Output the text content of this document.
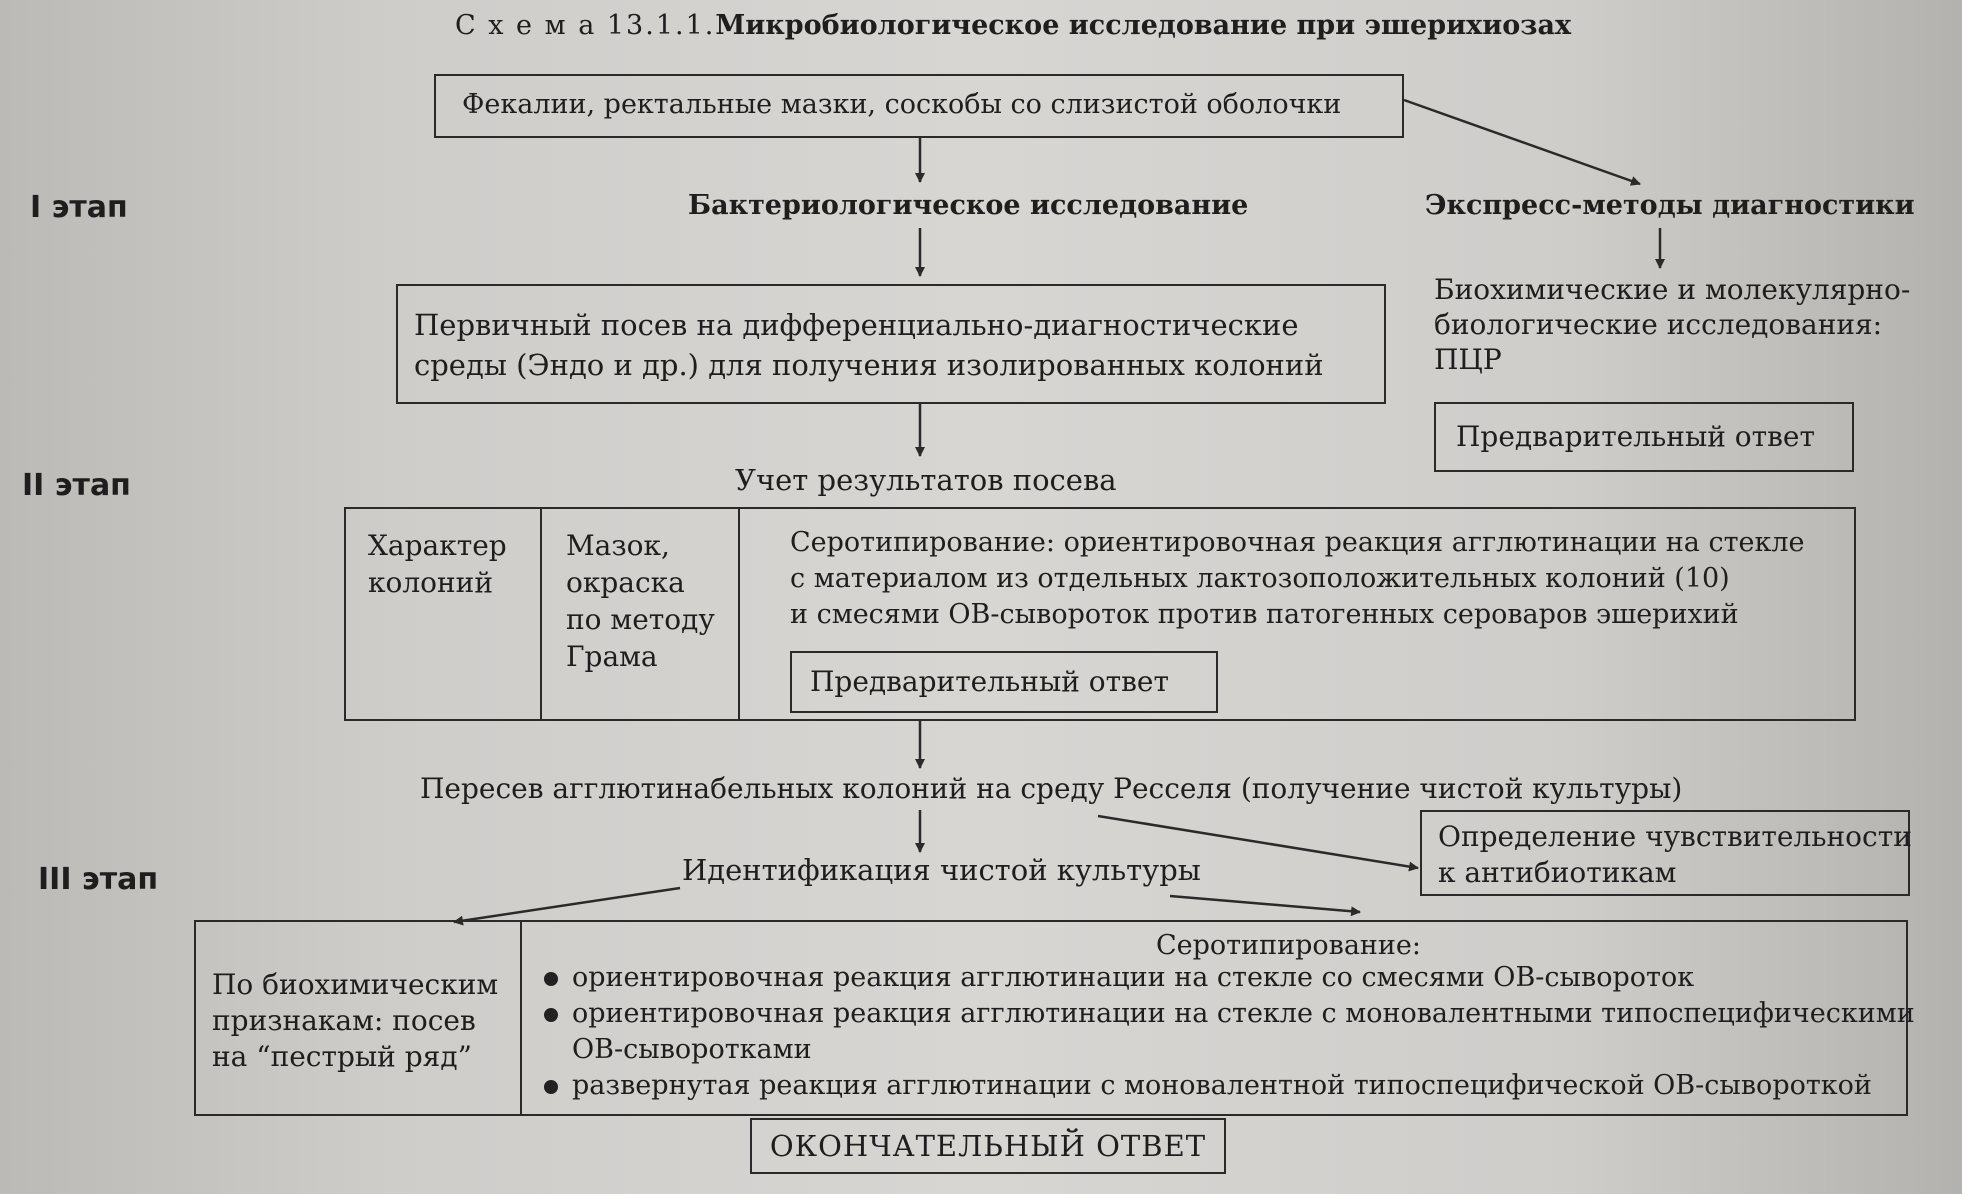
С х е м а 13.1.1.Микробиологическое исследование при эшерихиозах
I этап
II этап
III этап
Фекалии, ректальные мазки, соскобы со слизистой оболочки
Бактериологическое исследование	Экспресс-методы диагностики
Биохимические и молекулярно-
биологические исследования:
ПЦР
Предварительный ответ
Первичный посев на дифференциально-диагностические
среды (Эндо и др.) для получения изолированных колоний
Учет результатов посева
Характер
колоний
Мазок,
окраска
по методу
Грама
Серотипирование: ориентировочная реакция агглютинации на стекле
с материалом из отдельных лактозоположительных колоний (10)
и смесями ОВ-сывороток против патогенных сероваров эшерихий
Предварительный ответ
Пересев агглютинабельных колоний на среду Ресселя (получение чистой культуры)
Определение чувствительности
к антибиотикам
Идентификация чистой культуры
По биохимическим
признакам: посев
на “пестрый ряд”
Серотипирование:
ориентировочная реакция агглютинации на стекле со смесями ОВ-сывороток
ориентировочная реакция агглютинации на стекле с моновалентными типоспецифическими
ОВ-сыворотками
развернутая реакция агглютинации с моновалентной типоспецифической ОВ-сывороткой
ОКОНЧАТЕЛЬНЫЙ ОТВЕТ
